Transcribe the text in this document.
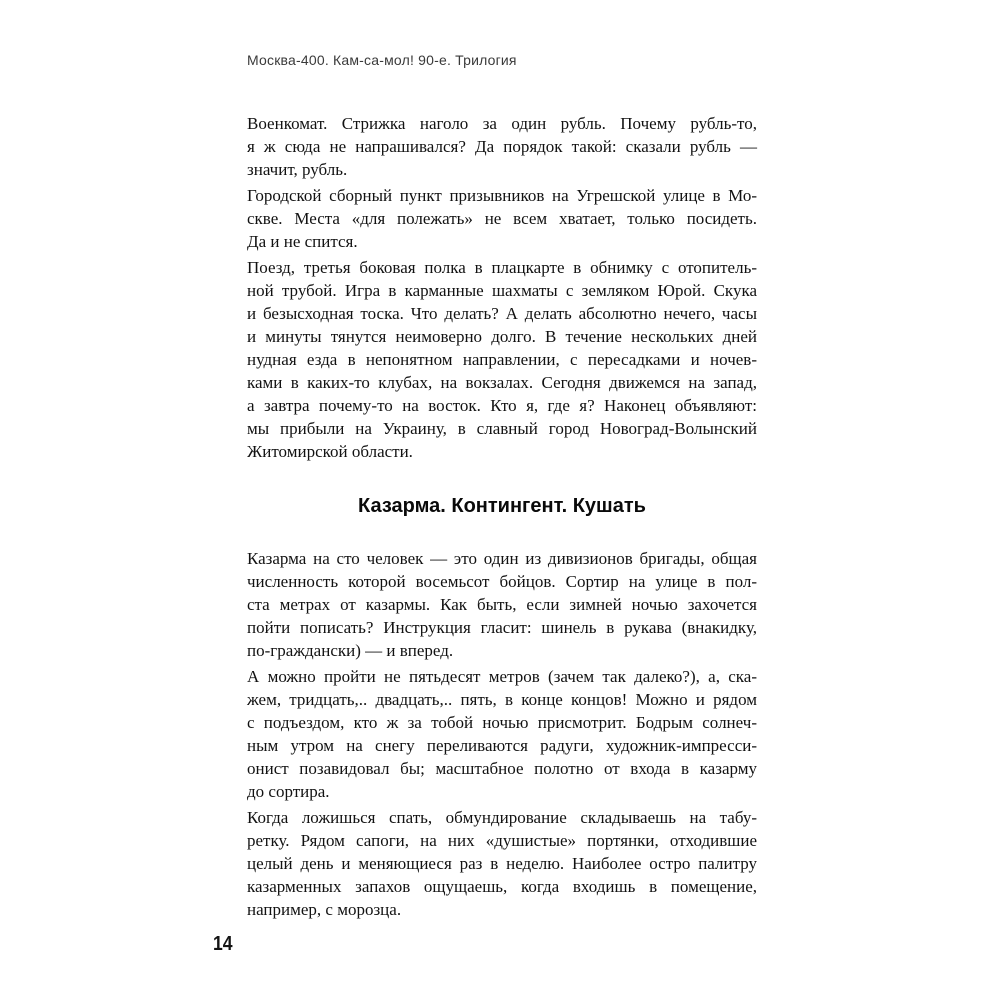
Москва-400. Кам-са-мол! 90-е. Трилогия

Военкомат. Стрижка наголо за один рубль. Почему рубль-то,
я ж сюда не напрашивался? Да порядок такой: сказали рубль —
значит, рубль.

Городской сборный пункт призывников на Угрешской улице в Мо-
скве. Места «для полежать» не всем хватает, только посидеть.
Да и не спится.

Поезд, третья боковая полка в плацкарте в обнимку с отопитель-
ной трубой. Игра в карманные шахматы с земляком Юрой. Скука
и безысходная тоска. Что делать? А делать абсолютно нечего, часы
и минуты тянутся неимоверно долго. В течение нескольких дней
нудная езда в непонятном направлении, с пересадками и ночев-
ками в каких-то клубах, на вокзалах. Сегодня движемся на запад,
а завтра почему-то на восток. Кто я, где я? Наконец объявляют:
мы прибыли на Украину, в славный город Новоград-Волынский
Житомирской области.

Казарма. Контингент. Кушать

Казарма на сто человек — это один из дивизионов бригады, общая
численность которой восемьсот бойцов. Сортир на улице в пол-
ста метрах от казармы. Как быть, если зимней ночью захочется
пойти пописать? Инструкция гласит: шинель в рукава (внакидку,
по-граждански) — и вперед.

А можно пройти не пятьдесят метров (зачем так далеко?), а, ска-
жем, тридцать,.. двадцать,.. пять, в конце концов! Можно и рядом
с подъездом, кто ж за тобой ночью присмотрит. Бодрым солнеч-
ным утром на снегу переливаются радуги, художник-импресси-
онист позавидовал бы; масштабное полотно от входа в казарму
до сортира.

Когда ложишься спать, обмундирование складываешь на табу-
ретку. Рядом сапоги, на них «душистые» портянки, отходившие
целый день и меняющиеся раз в неделю. Наиболее остро палитру
казарменных запахов ощущаешь, когда входишь в помещение,
например, с морозца.

14
